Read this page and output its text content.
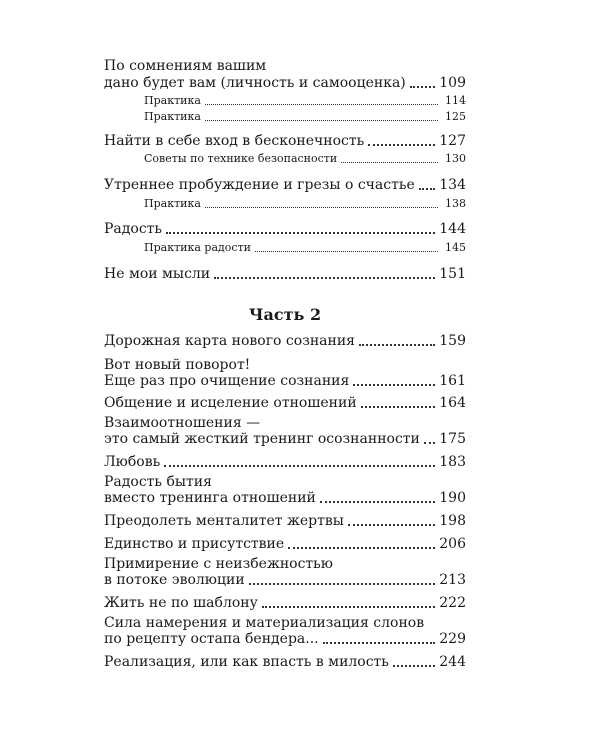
По сомнениям вашим
дано будет вам (личность и самооценка) 109
Практика	114
Практика	125
Найти в себе вход в бесконечность	127
Советы по технике безопасности	130
Утреннее пробуждение и грезы о счастье 134
Практика	138
Радость	144
Практика радости	145
Не мои мысли	151
Часть 2
Дорожная карта нового сознания	159
Вот новый поворот!
Еще раз про очищение сознания	161
Общение и исцеление отношений	164
Взаимоотношения —
это самый жесткий тренинг осознанности 175
Любовь	183
Радость бытия
вместо тренинга отношений	190
Преодолеть менталитет жертвы	198
Единство и присутствие	206
Примирение с неизбежностью
в потоке эволюции	213
Жить не по шаблону	222
Сила намерения и материализация слонов
по рецепту остапа бендера...	229
Реализация, или как впасть в милость	244
